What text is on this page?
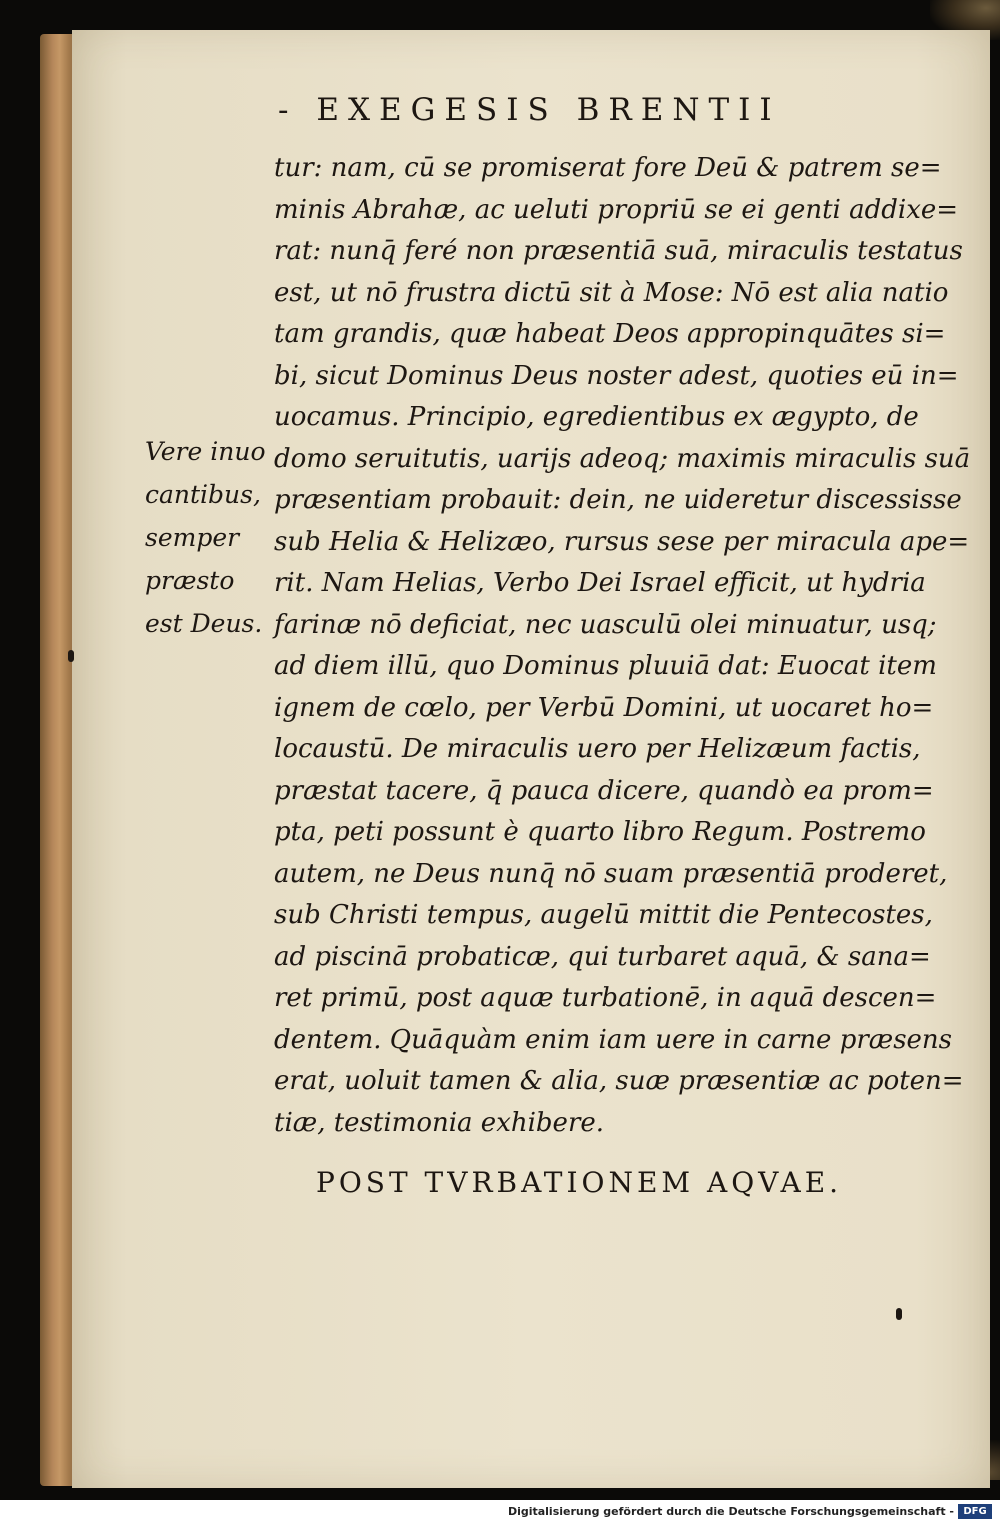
- EXEGESIS BRENTII
Vere inuo
cantibus,
semper
præsto
est Deus.
tur: nam, cū se promiserat fore Deū & patrem se=
minis Abrahæ, ac ueluti propriū se ei genti addixe=
rat: nunq̄ feré non præsentiā suā, miraculis testatus
est, ut nō frustra dictū sit à Mose: Nō est alia natio
tam grandis, quæ habeat Deos appropinquātes si=
bi, sicut Dominus Deus noster adest, quoties eū in=
uocamus. Principio, egredientibus ex ægypto, de
domo seruitutis, uarijs adeoq; maximis miraculis suā
præsentiam probauit: dein, ne uideretur discessisse
sub Helia & Helizæo, rursus sese per miracula ape=
rit. Nam Helias, Verbo Dei Israel efficit, ut hydria
farinæ nō deficiat, nec uasculū olei minuatur, usq;
ad diem illū, quo Dominus pluuiā dat: Euocat item
ignem de cœlo, per Verbū Domini, ut uocaret ho=
locaustū. De miraculis uero per Helizæum factis,
præstat tacere, q̄ pauca dicere, quandò ea prom=
pta, peti possunt è quarto libro Regum. Postremo
autem, ne Deus nunq̄ nō suam præsentiā proderet,
sub Christi tempus, augelū mittit die Pentecostes,
ad piscinā probaticæ, qui turbaret aquā, & sana=
ret primū, post aquæ turbationē, in aquā descen=
dentem. Quāquàm enim iam uere in carne præsens
erat, uoluit tamen & alia, suæ præsentiæ ac poten=
tiæ, testimonia exhibere.
POST TVRBATIONEM AQVAE.
Digitalisierung gefördert durch die Deutsche Forschungsgemeinschaft - DFG
